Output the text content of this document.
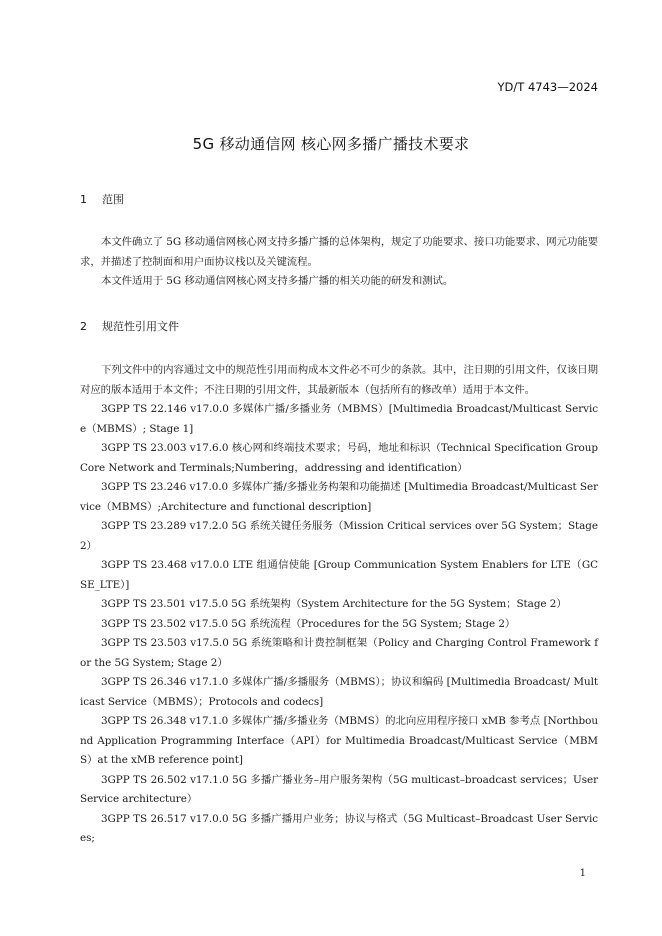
YD/T 4743—2024
5G 移动通信网 核心网多播广播技术要求
1 范围

本文件确立了 5G 移动通信网核心网支持多播广播的总体架构，规定了功能要求、接口功能要求、网元功能要求，并描述了控制面和用户面协议栈以及关键流程。

本文件适用于 5G 移动通信网核心网支持多播广播的相关功能的研发和测试。

2 规范性引用文件

下列文件中的内容通过文中的规范性引用而构成本文件必不可少的条款。其中，注日期的引用文件，仅该日期对应的版本适用于本文件；不注日期的引用文件，其最新版本（包括所有的修改单）适用于本文件。

3GPP TS 22.146 v17.0.0 多媒体广播/多播业务（MBMS）[Multimedia Broadcast/Multicast Service（MBMS）; Stage 1]

3GPP TS 23.003 v17.6.0 核心网和终端技术要求；号码，地址和标识（Technical Specification Group Core Network and Terminals;Numbering，addressing and identification）

3GPP TS 23.246 v17.0.0 多媒体广播/多播业务构架和功能描述 [Multimedia Broadcast/Multicast Service（MBMS）;Architecture and functional description]

3GPP TS 23.289 v17.2.0 5G 系统关键任务服务（Mission Critical services over 5G System；Stage 2）

3GPP TS 23.468 v17.0.0 LTE 组通信使能 [Group Communication System Enablers for LTE（GCSE_LTE）]

3GPP TS 23.501 v17.5.0 5G 系统架构（System Architecture for the 5G System；Stage 2）

3GPP TS 23.502 v17.5.0 5G 系统流程（Procedures for the 5G System; Stage 2）

3GPP TS 23.503 v17.5.0 5G 系统策略和计费控制框架（Policy and Charging Control Framework for the 5G System; Stage 2）

3GPP TS 26.346 v17.1.0 多媒体广播/多播服务（MBMS）；协议和编码 [Multimedia Broadcast/ Multicast Service（MBMS）；Protocols and codecs]

3GPP TS 26.348 v17.1.0 多媒体广播/多播业务（MBMS）的北向应用程序接口 xMB 参考点 [Northbound Application Programming Interface（API）for Multimedia Broadcast/Multicast Service（MBMS）at the xMB reference point]

3GPP TS 26.502 v17.1.0 5G 多播广播业务–用户服务架构（5G multicast–broadcast services；User Service architecture）

3GPP TS 26.517 v17.0.0 5G 多播广播用户业务；协议与格式（5G Multicast–Broadcast User Services;

1
